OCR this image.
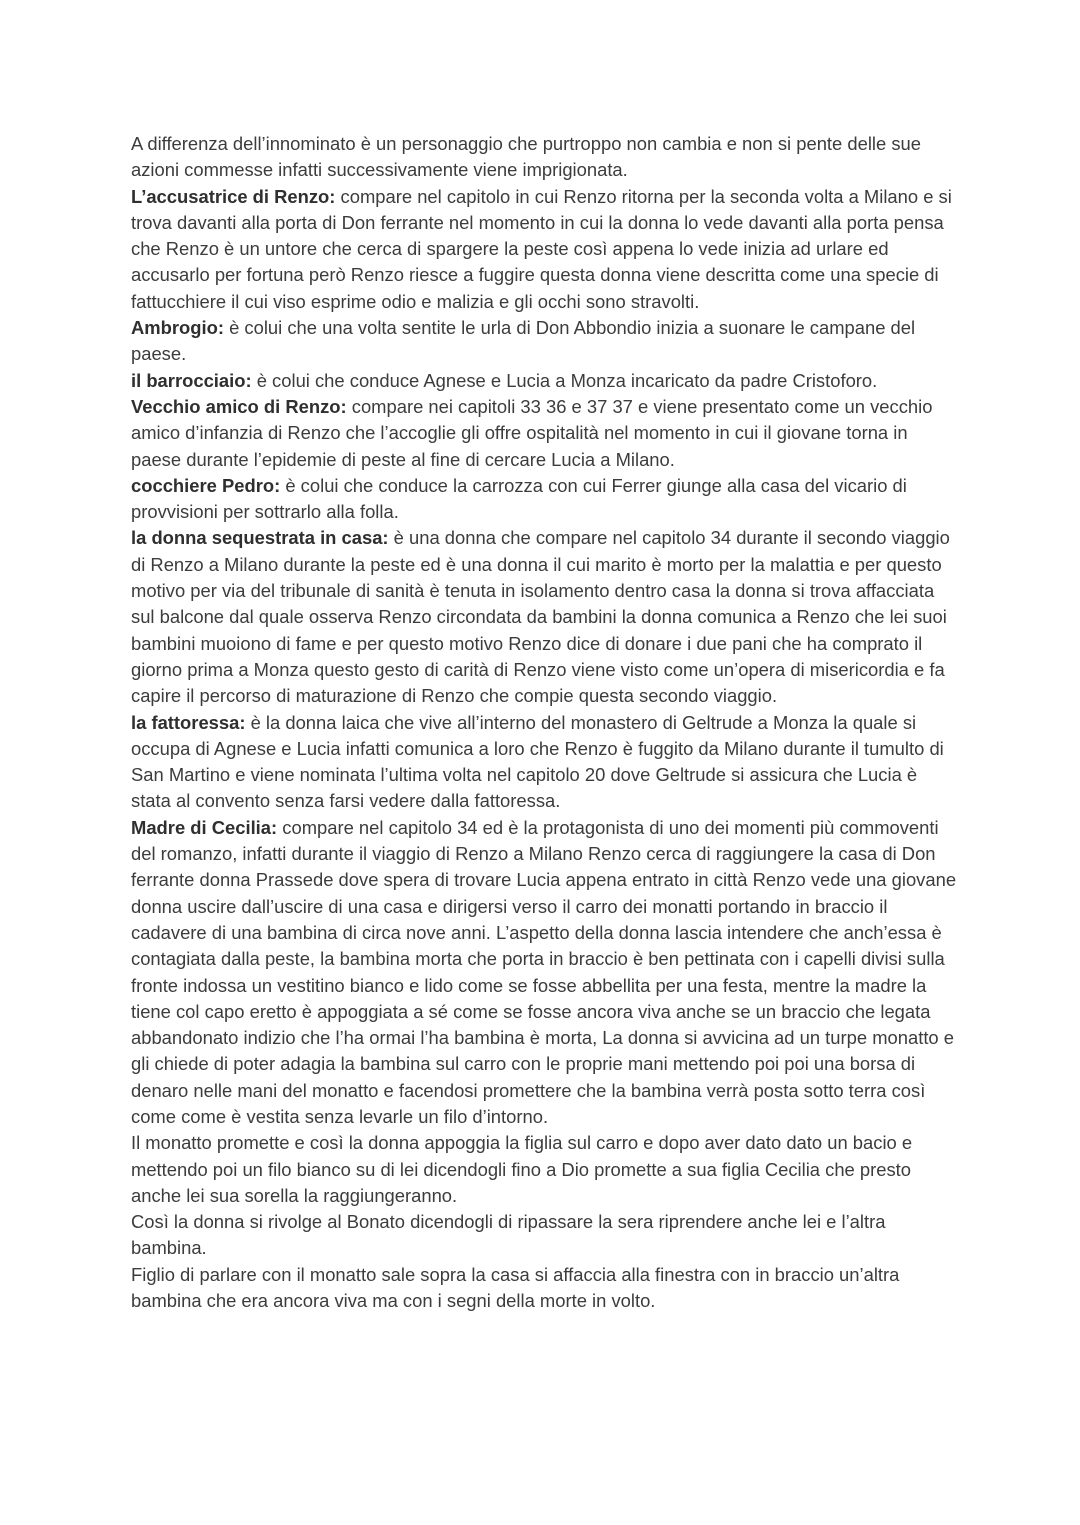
A differenza dell’innominato è un personaggio che purtroppo non cambia e non si pente delle sue azioni commesse infatti successivamente viene imprigionata.

L’accusatrice di Renzo: compare nel capitolo in cui Renzo ritorna per la seconda volta a Milano e si trova davanti alla porta di Don ferrante nel momento in cui la donna lo vede davanti alla porta pensa che Renzo è un untore che cerca di spargere la peste così appena lo vede inizia ad urlare ed accusarlo per fortuna però Renzo riesce a fuggire questa donna viene descritta come una specie di fattucchiere il cui viso esprime odio e malizia e gli occhi sono stravolti.

Ambrogio: è colui che una volta sentite le urla di Don Abbondio inizia a suonare le campane del paese.

il barrocciaio: è colui che conduce Agnese e Lucia a Monza incaricato da padre Cristoforo.

Vecchio amico di Renzo: compare nei capitoli 33 36 e 37 37 e viene presentato come un vecchio amico d’infanzia di Renzo che l’accoglie gli offre ospitalità nel momento in cui il giovane torna in paese durante l’epidemie di peste al fine di cercare Lucia a Milano.

cocchiere Pedro: è colui che conduce la carrozza con cui Ferrer giunge alla casa del vicario di provvisioni per sottrarlo alla folla.

la donna sequestrata in casa: è una donna che compare nel capitolo 34 durante il secondo viaggio di Renzo a Milano durante la peste ed è una donna il cui marito è morto per la malattia e per questo motivo per via del tribunale di sanità è tenuta in isolamento dentro casa la donna si trova affacciata sul balcone dal quale osserva Renzo circondata da bambini la donna comunica a Renzo che lei suoi bambini muoiono di fame e per questo motivo Renzo dice di donare i due pani che ha comprato il giorno prima a Monza questo gesto di carità di Renzo viene visto come un’opera di misericordia e fa capire il percorso di maturazione di Renzo che compie questa secondo viaggio.

la fattoressa: è la donna laica che vive all’interno del monastero di Geltrude a Monza la quale si occupa di Agnese e Lucia infatti comunica a loro che Renzo è fuggito da Milano durante il tumulto di San Martino e viene nominata l’ultima volta nel capitolo 20 dove Geltrude si assicura che Lucia è stata al convento senza farsi vedere dalla fattoressa.

Madre di Cecilia: compare nel capitolo 34 ed è la protagonista di uno dei momenti più commoventi del romanzo, infatti durante il viaggio di Renzo a Milano Renzo cerca di raggiungere la casa di Don ferrante donna Prassede dove spera di trovare Lucia appena entrato in città Renzo vede una giovane donna uscire dall’uscire di una casa e dirigersi verso il carro dei monatti portando in braccio il cadavere di una bambina di circa nove anni. L’aspetto della donna lascia intendere che anch’essa è contagiata dalla peste, la bambina morta che porta in braccio è ben pettinata con i capelli divisi sulla fronte indossa un vestitino bianco e lido come se fosse abbellita per una festa, mentre la madre la tiene col capo eretto è appoggiata a sé come se fosse ancora viva anche se un braccio che legata abbandonato indizio che l’ha ormai l’ha bambina è morta, La donna si avvicina ad un turpe monatto e gli chiede di poter adagia la bambina sul carro con le proprie mani mettendo poi poi una borsa di denaro nelle mani del monatto e facendosi promettere che la bambina verrà posta sotto terra così come come è vestita senza levarle un filo d’intorno.

Il monatto promette e così la donna appoggia la figlia sul carro e dopo aver dato dato un bacio e mettendo poi un filo bianco su di lei dicendogli fino a Dio promette a sua figlia Cecilia che presto anche lei sua sorella la raggiungeranno.

Così la donna si rivolge al Bonato dicendogli di ripassare la sera riprendere anche lei e l’altra bambina.

Figlio di parlare con il monatto sale sopra la casa si affaccia alla finestra con in braccio un’altra bambina che era ancora viva ma con i segni della morte in volto.
